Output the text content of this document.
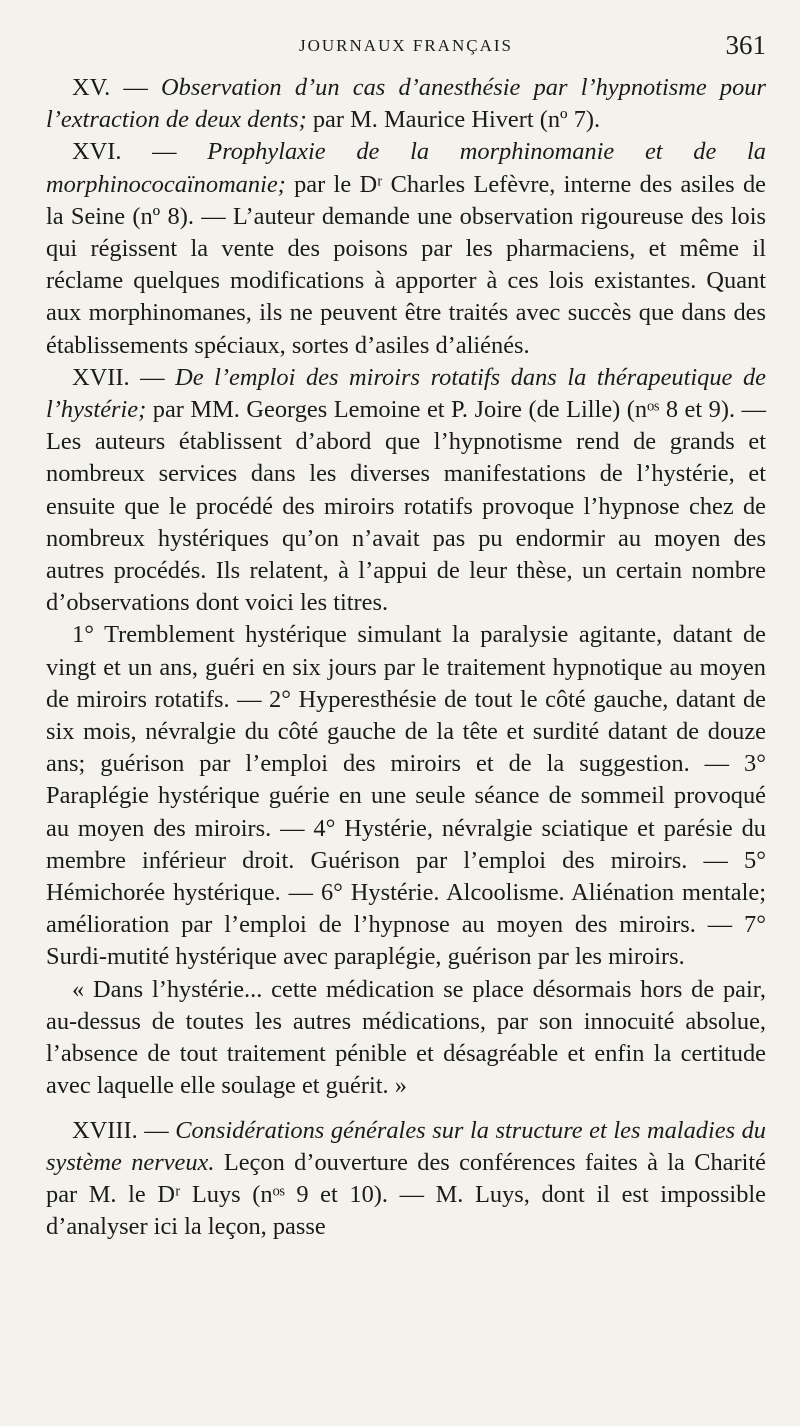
JOURNAUX FRANÇAIS	361

XV. — Observation d’un cas d’anesthésie par l’hypnotisme pour l’extraction de deux dents; par M. Maurice Hivert (nº 7).

XVI. — Prophylaxie de la morphinomanie et de la morphinococaïnomanie; par le Dʳ Charles Lefèvre, interne des asiles de la Seine (nº 8). — L’auteur demande une observation rigoureuse des lois qui régissent la vente des poisons par les pharmaciens, et même il réclame quelques modifications à apporter à ces lois existantes. Quant aux morphinomanes, ils ne peuvent être traités avec succès que dans des établissements spéciaux, sortes d’asiles d’aliénés.

XVII. — De l’emploi des miroirs rotatifs dans la thérapeutique de l’hystérie; par MM. Georges Lemoine et P. Joire (de Lille) (nᵒˢ 8 et 9). — Les auteurs établissent d’abord que l’hypnotisme rend de grands et nombreux services dans les diverses manifestations de l’hystérie, et ensuite que le procédé des miroirs rotatifs provoque l’hypnose chez de nombreux hystériques qu’on n’avait pas pu endormir au moyen des autres procédés. Ils relatent, à l’appui de leur thèse, un certain nombre d’observations dont voici les titres.

1° Tremblement hystérique simulant la paralysie agitante, datant de vingt et un ans, guéri en six jours par le traitement hypnotique au moyen de miroirs rotatifs. — 2° Hyperesthésie de tout le côté gauche, datant de six mois, névralgie du côté gauche de la tête et surdité datant de douze ans; guérison par l’emploi des miroirs et de la suggestion. — 3° Paraplégie hystérique guérie en une seule séance de sommeil provoqué au moyen des miroirs. — 4° Hystérie, névralgie sciatique et parésie du membre inférieur droit. Guérison par l’emploi des miroirs. — 5° Hémichorée hystérique. — 6° Hystérie. Alcoolisme. Aliénation mentale; amélioration par l’emploi de l’hypnose au moyen des miroirs. — 7° Surdi-mutité hystérique avec paraplégie, guérison par les miroirs.

« Dans l’hystérie... cette médication se place désormais hors de pair, au-dessus de toutes les autres médications, par son innocuité absolue, l’absence de tout traitement pénible et désagréable et enfin la certitude avec laquelle elle soulage et guérit. »

XVIII. — Considérations générales sur la structure et les maladies du système nerveux. Leçon d’ouverture des conférences faites à la Charité par M. le Dʳ Luys (nᵒˢ 9 et 10). — M. Luys, dont il est impossible d’analyser ici la leçon, passe
